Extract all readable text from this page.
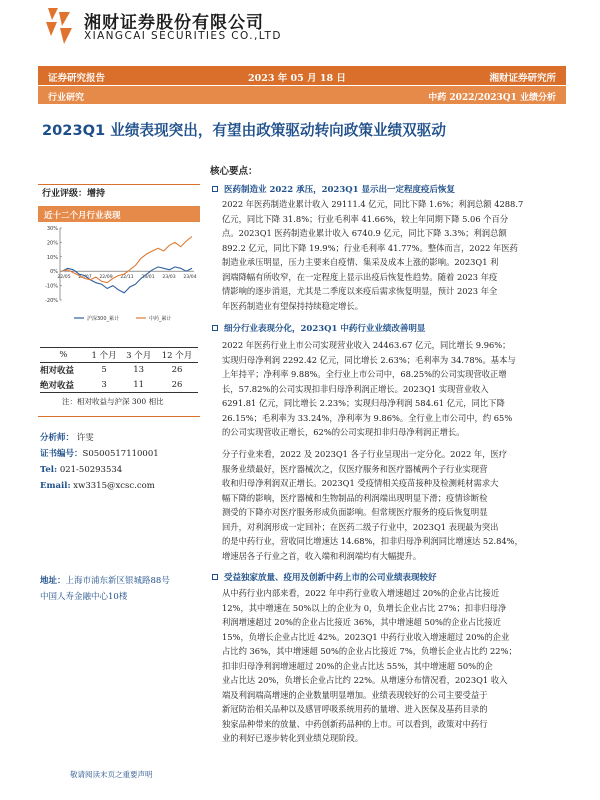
湘财证券股份有限公司
XIANGCAI SECURITIES CO.,LTD
证券研究报告	2023 年 05 月 18 日	湘财证券研究所
行业研究	中药 2022/2023Q1 业绩分析
2023Q1 业绩表现突出，有望由政策驱动转向政策业绩双驱动
行业评级：增持
近十二个月行业表现
30%
20%
10%
0%
-10%
-20%
22/05 22/07 22/09 22/11 23/01 23/03 23/04
沪深300_累计	中药_累计
%	1 个月	3 个月	12 个月
相对收益	5	13	26
绝对收益	3	11	26
注：相对收益与沪深 300 相比
分析师： 许雯
证书编号：S0500517110001
Tel: 021-50293534
Email: xw3315@xcsc.com
地址：上海市浦东新区银城路88号
中国人寿金融中心10楼
核心要点：
医药制造业 2022 承压，2023Q1 显示出一定程度疫后恢复
2022 年医药制造业累计收入 29111.4 亿元，同比下降 1.6%；利润总额 4288.7
亿元，同比下降 31.8%；行业毛利率 41.66%，较上年同期下降 5.06 个百分
点。2023Q1 医药制造业累计收入 6740.9 亿元，同比下降 3.3%；利润总额
892.2 亿元，同比下降 19.9%；行业毛利率 41.77%。整体而言，2022 年医药
制造业承压明显，压力主要来自疫情、集采及成本上涨的影响。2023Q1 利
润端降幅有所收窄，在一定程度上显示出疫后恢复性趋势。随着 2023 年疫
情影响的逐步消退，尤其是二季度以来疫后需求恢复明显，预计 2023 年全
年医药制造业有望保持持续稳定增长。
细分行业表现分化，2023Q1 中药行业业绩改善明显
2022 年医药行业上市公司实现营业收入 24463.67 亿元，同比增长 9.96%；
实现归母净利润 2292.42 亿元，同比增长 2.63%；毛利率为 34.78%。基本与
上年持平；净利率 9.88%。全行业上市公司中，68.25%的公司实现营收正增
长，57.82%的公司实现扣非归母净利润正增长。2023Q1 实现营业收入
6291.81 亿元，同比增长 2.23%；实现归母净利润 584.61 亿元，同比下降
26.15%；毛利率为 33.24%，净利率为 9.86%。全行业上市公司中，约 65%
的公司实现营收正增长，62%的公司实现扣非归母净利润正增长。
分子行业来看，2022 及 2023Q1 各子行业呈现出一定分化。2022 年，医疗
服务业绩最好，医疗器械次之，仅医疗服务和医疗器械两个子行业实现营
收和归母净利润双正增长。2023Q1 受疫情相关疫苗接种及检测耗材需求大
幅下降的影响，医疗器械和生物制品的利润端出现明显下滑；疫情诊断检
测受的下降亦对医疗服务形成负面影响。但常规医疗服务的疫后恢复明显
回升，对利润形成一定回补；在医药二级子行业中，2023Q1 表现最为突出
的是中药行业，营收同比增速达 14.68%，扣非归母净利润同比增速达 52.84%，
增速居各子行业之首，收入端和利润端均有大幅提升。
受益独家放量、疫用及创新中药上市的公司业绩表现较好
从中药行业内部来看，2022 年中药行业收入增速超过 20%的企业占比接近
12%，其中增速在 50%以上的企业为 0，负增长企业占比 27%；扣非归母净
利润增速超过 20%的企业占比接近 36%，其中增速超 50%的企业占比接近
15%，负增长企业占比近 42%。2023Q1 中药行业收入增速超过 20%的企业
占比约 36%，其中增速超 50%的企业占比接近 7%，负增长企业占比约 22%；
扣非归母净利润增速超过 20%的企业占比达 55%，其中增速超 50%的企
业占比达 20%，负增长企业占比约 22%。从增速分布情况看，2023Q1 收入
端及利润端高增速的企业数量明显增加。业绩表现较好的公司主要受益于
新冠防治相关品种以及感冒呼吸系统用药的量增、进入医保及基药目录的
独家品种带来的放量、中药创新药品种的上市。可以看到，政策对中药行
业的利好已逐步转化到业绩兑现阶段。
敬请阅读末页之重要声明
